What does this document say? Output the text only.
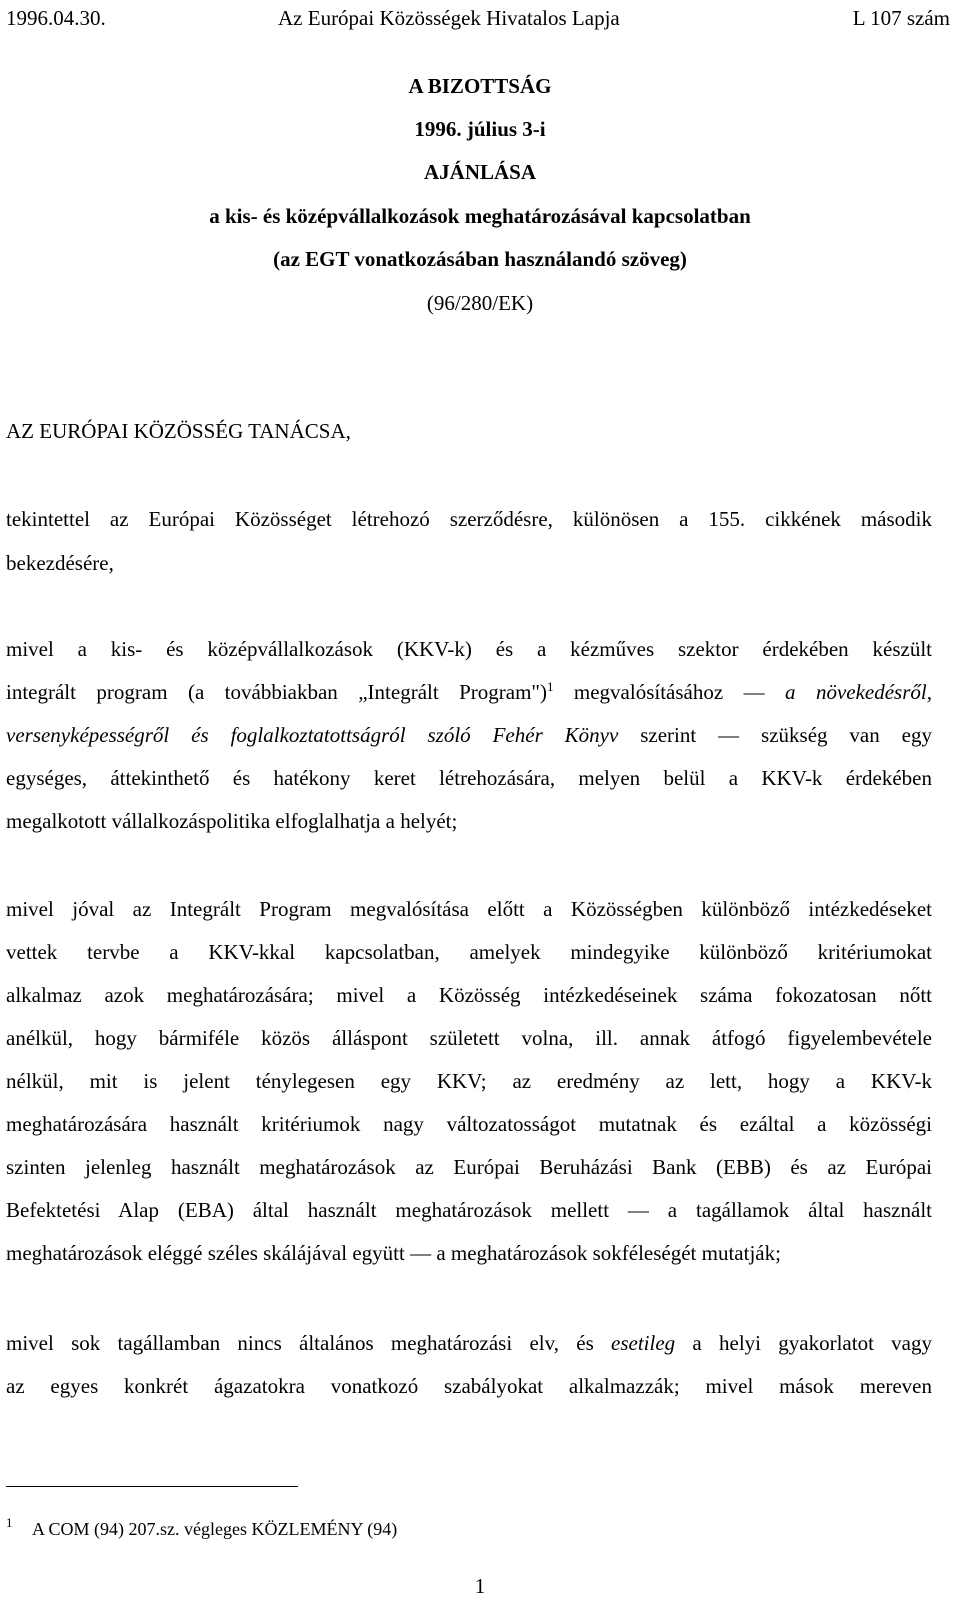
1996.04.30.	Az Európai Közösségek Hivatalos Lapja	L 107 szám
A BIZOTTSÁG
1996. július 3-i
AJÁNLÁSA
a kis- és középvállalkozások meghatározásával kapcsolatban
(az EGT vonatkozásában használandó szöveg)
(96/280/EK)
AZ EURÓPAI KÖZÖSSÉG TANÁCSA,
tekintettel az Európai Közösséget létrehozó szerződésre, különösen a 155. cikkének második
bekezdésére,
mivel a kis- és középvállalkozások (KKV-k) és a kézműves szektor érdekében készült
integrált program (a továbbiakban „Integrált Program")$^1$ megvalósításához — a növekedésről,
versenyképességről és foglalkoztatottságról szóló Fehér Könyv szerint — szükség van egy
egységes, áttekinthető és hatékony keret létrehozására, melyen belül a KKV-k érdekében
megalkotott vállalkozáspolitika elfoglalhatja a helyét;
mivel jóval az Integrált Program megvalósítása előtt a Közösségben különböző intézkedéseket
vettek tervbe a KKV-kkal kapcsolatban, amelyek mindegyike különböző kritériumokat
alkalmaz azok meghatározására; mivel a Közösség intézkedéseinek száma fokozatosan nőtt
anélkül, hogy bármiféle közös álláspont született volna, ill. annak átfogó figyelembevétele
nélkül, mit is jelent ténylegesen egy KKV; az eredmény az lett, hogy a KKV-k
meghatározására használt kritériumok nagy változatosságot mutatnak és ezáltal a közösségi
szinten jelenleg használt meghatározások az Európai Beruházási Bank (EBB) és az Európai
Befektetési Alap (EBA) által használt meghatározások mellett — a tagállamok által használt
meghatározások eléggé széles skálájával együtt — a meghatározások sokféleségét mutatják;
mivel sok tagállamban nincs általános meghatározási elv, és esetileg a helyi gyakorlatot vagy
az egyes konkrét ágazatokra vonatkozó szabályokat alkalmazzák; mivel mások mereven
1 A COM (94) 207.sz. végleges KÖZLEMÉNY (94)
1
